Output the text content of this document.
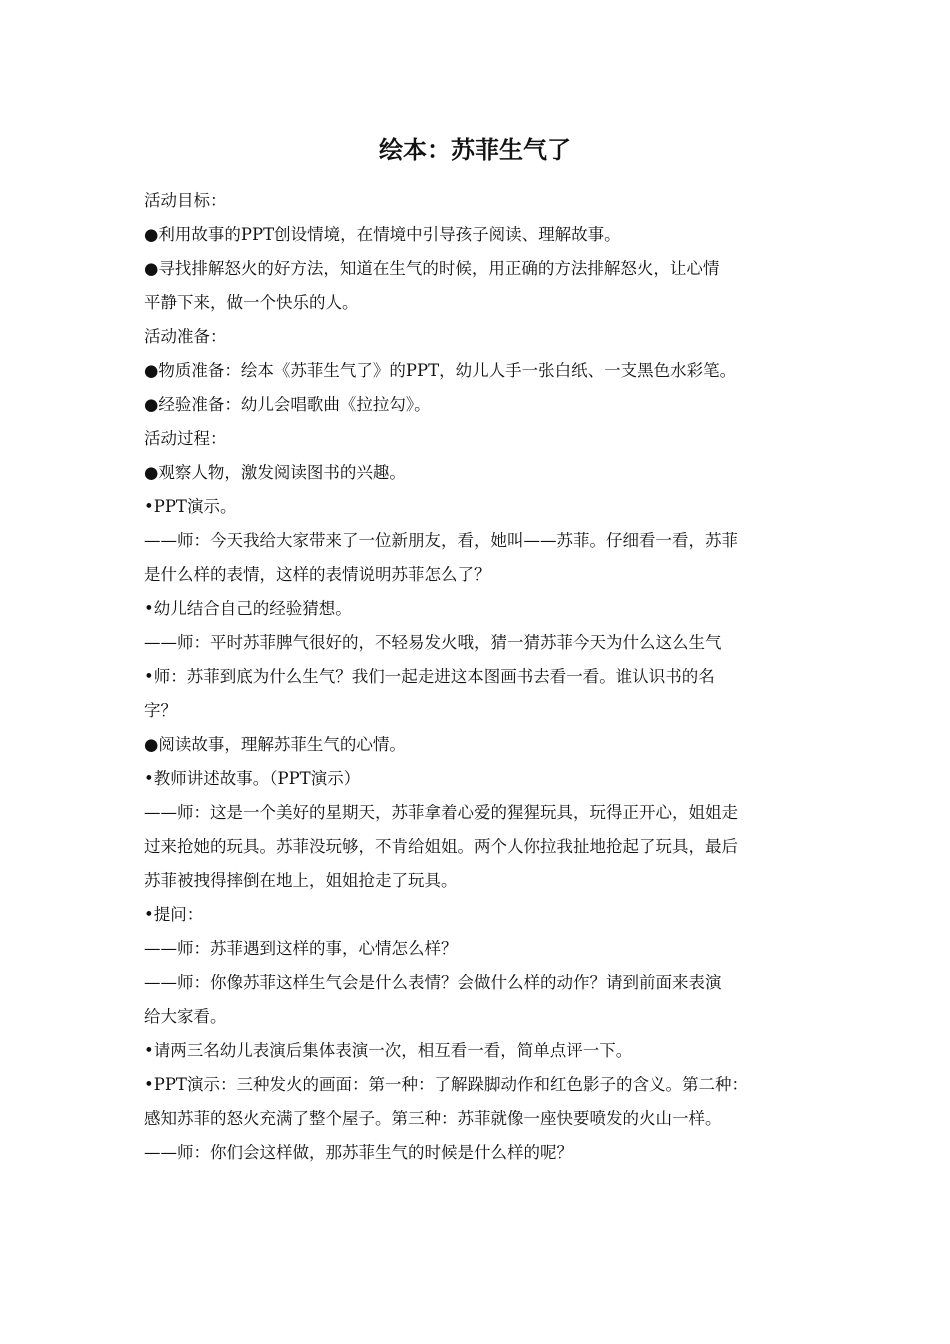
绘本：苏菲生气了

活动目标：

●利用故事的PPT创设情境，在情境中引导孩子阅读、理解故事。

●寻找排解怒火的好方法，知道在生气的时候，用正确的方法排解怒火，让心情

平静下来，做一个快乐的人。

活动准备：

●物质准备：绘本《苏菲生气了》的PPT，幼儿人手一张白纸、一支黑色水彩笔。

●经验准备：幼儿会唱歌曲《拉拉勾》。

活动过程：

●观察人物，激发阅读图书的兴趣。

•PPT演示。

——师：今天我给大家带来了一位新朋友，看，她叫——苏菲。仔细看一看，苏菲

是什么样的表情，这样的表情说明苏菲怎么了？

•幼儿结合自己的经验猜想。

——师：平时苏菲脾气很好的，不轻易发火哦，猜一猜苏菲今天为什么这么生气

•师：苏菲到底为什么生气？我们一起走进这本图画书去看一看。谁认识书的名

字？

●阅读故事，理解苏菲生气的心情。

•教师讲述故事。（PPT演示）

——师：这是一个美好的星期天，苏菲拿着心爱的猩猩玩具，玩得正开心，姐姐走

过来抢她的玩具。苏菲没玩够，不肯给姐姐。两个人你拉我扯地抢起了玩具，最后

苏菲被拽得摔倒在地上，姐姐抢走了玩具。

•提问：

——师：苏菲遇到这样的事，心情怎么样？

——师：你像苏菲这样生气会是什么表情？会做什么样的动作？请到前面来表演

给大家看。

•请两三名幼儿表演后集体表演一次，相互看一看，简单点评一下。

•PPT演示：三种发火的画面：第一种：了解跺脚动作和红色影子的含义。第二种：

感知苏菲的怒火充满了整个屋子。第三种：苏菲就像一座快要喷发的火山一样。

——师：你们会这样做，那苏菲生气的时候是什么样的呢？
